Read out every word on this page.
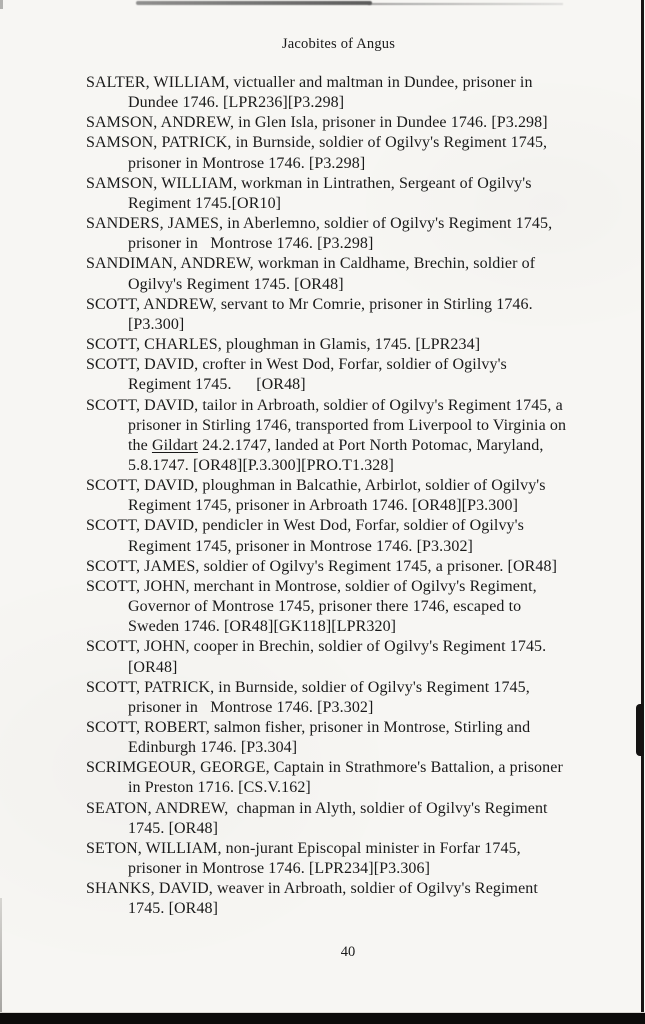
Jacobites of Angus
SALTER, WILLIAM, victualler and maltman in Dundee, prisoner in
Dundee 1746. [LPR236][P3.298]
SAMSON, ANDREW, in Glen Isla, prisoner in Dundee 1746. [P3.298]
SAMSON, PATRICK, in Burnside, soldier of Ogilvy's Regiment 1745,
prisoner in Montrose 1746. [P3.298]
SAMSON, WILLIAM, workman in Lintrathen, Sergeant of Ogilvy's
Regiment 1745.[OR10]
SANDERS, JAMES, in Aberlemno, soldier of Ogilvy's Regiment 1745,
prisoner in   Montrose 1746. [P3.298]
SANDIMAN, ANDREW, workman in Caldhame, Brechin, soldier of
Ogilvy's Regiment 1745. [OR48]
SCOTT, ANDREW, servant to Mr Comrie, prisoner in Stirling 1746.
[P3.300]
SCOTT, CHARLES, ploughman in Glamis, 1745. [LPR234]
SCOTT, DAVID, crofter in West Dod, Forfar, soldier of Ogilvy's
Regiment 1745.      [OR48]
SCOTT, DAVID, tailor in Arbroath, soldier of Ogilvy's Regiment 1745, a
prisoner in Stirling 1746, transported from Liverpool to Virginia on
the Gildart 24.2.1747, landed at Port North Potomac, Maryland,
5.8.1747. [OR48][P.3.300][PRO.T1.328]
SCOTT, DAVID, ploughman in Balcathie, Arbirlot, soldier of Ogilvy's
Regiment 1745, prisoner in Arbroath 1746. [OR48][P3.300]
SCOTT, DAVID, pendicler in West Dod, Forfar, soldier of Ogilvy's
Regiment 1745, prisoner in Montrose 1746. [P3.302]
SCOTT, JAMES, soldier of Ogilvy's Regiment 1745, a prisoner. [OR48]
SCOTT, JOHN, merchant in Montrose, soldier of Ogilvy's Regiment,
Governor of Montrose 1745, prisoner there 1746, escaped to
Sweden 1746. [OR48][GK118][LPR320]
SCOTT, JOHN, cooper in Brechin, soldier of Ogilvy's Regiment 1745.
[OR48]
SCOTT, PATRICK, in Burnside, soldier of Ogilvy's Regiment 1745,
prisoner in   Montrose 1746. [P3.302]
SCOTT, ROBERT, salmon fisher, prisoner in Montrose, Stirling and
Edinburgh 1746. [P3.304]
SCRIMGEOUR, GEORGE, Captain in Strathmore's Battalion, a prisoner
in Preston 1716. [CS.V.162]
SEATON, ANDREW,  chapman in Alyth, soldier of Ogilvy's Regiment
1745. [OR48]
SETON, WILLIAM, non-jurant Episcopal minister in Forfar 1745,
prisoner in Montrose 1746. [LPR234][P3.306]
SHANKS, DAVID, weaver in Arbroath, soldier of Ogilvy's Regiment
1745. [OR48]
40
